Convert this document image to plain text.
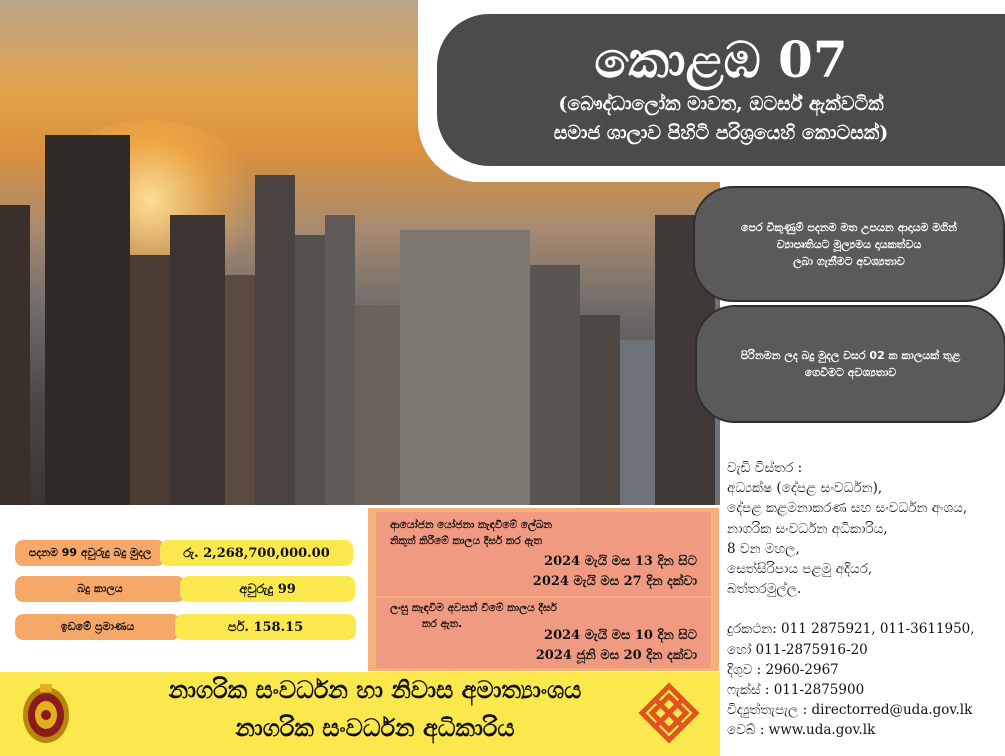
කොළඹ 07
(බෞද්ධාලෝක මාවත, ඔටර්ස් ඇක්වටික්
සමාජ ශාලාව පිහිටි පරිශ්‍රයෙහි කොටසක්)
පෙර විකුණුම් පදනම මත උපයන ආදායම මගින්
ව්‍යාපෘතියට මූල්‍යමය දායකත්වය
ලබා ගැනීමට අවශ්‍යතාව
පිරිනමන ලද බදු මුදල වසර 02 ක කාලයක් තුළ
ගෙවීමට අවශ්‍යතාව
වැඩි විස්තර :
අධ්‍යක්ෂ (දේපළ සංවර්ධන),
දේපළ කළමනාකරණ සහ සංවර්ධන අංශය,
නාගරික සංවර්ධන අධිකාරිය,
8 වන මහල,
සෙත්සිරිපාය පළමු අදියර,
බත්තරමුල්ල.
දුරකථන: 011 2875921, 011-3611950,
හෝ 011-2875916-20
දිගුව : 2960-2967
ෆැක්ස් : 011-2875900
විද්‍යුත්තැපැල : directorred@uda.gov.lk
වෙබ් : www.uda.gov.lk
පදනම 99 අවුරුදු බදු මුදල	රු. 2,268,700,000.00
බදු කාලය	අවුරුදු 99
ඉඩමේ ප්‍රමාණය	පර්. 158.15
ආයෝජන යෝජනා කැඳවීමේ ලේඛන
නිකුත් කිරීමේ කාලය දීර්ඝ කර ඇත
2024 මැයි මස 13 දින සිට
2024 මැයි මස 27 දින දක්වා
ලංසු කැඳවීම අවසන් වීමේ කාලය දීර්ඝ
කර ඇත.
2024 මැයි මස 10 දින සිට
2024 ජූනි මස 20 දින දක්වා
නාගරික සංවර්ධන හා නිවාස අමාත්‍යාංශය
නාගරික සංවර්ධන අධිකාරිය
